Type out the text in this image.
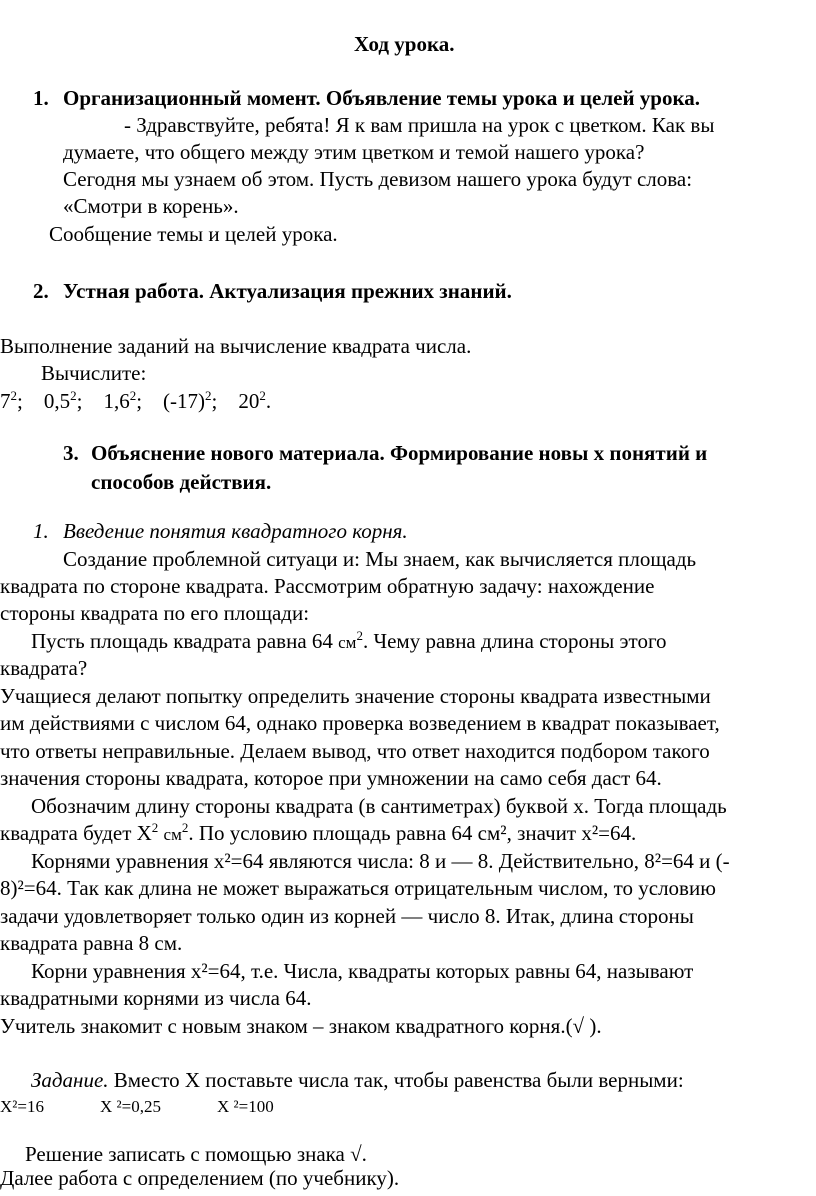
Ход урока.
1. Организационный момент. Объявление темы урока и целей урока.
- Здравствуйте, ребята! Я к вам пришла на урок с цветком. Как вы
думаете, что общего между этим цветком и темой нашего урока?
Сегодня мы узнаем об этом. Пусть девизом нашего урока будут слова:
«Смотри в корень».
Сообщение темы и целей урока.
2. Устная работа. Актуализация прежних знаний.
Выполнение заданий на вычисление квадрата числа.
Вычислите:
$7^2$; $0,5^2$; $1,6^2$; $(-17)^2$; $20^2$.
3. Объяснение нового материала. Формирование новы х понятий и
способов действия.
1. Введение понятия квадратного корня.
Создание проблемной ситуаци и: Мы знаем, как вычисляется площадь
квадрата по стороне квадрата. Рассмотрим обратную задачу: нахождение
стороны квадрата по его площади:
Пусть площадь квадрата равна 64 $см^2$. Чему равна длина стороны этого
квадрата?
Учащиеся делают попытку определить значение стороны квадрата известными
им действиями с числом 64, однако проверка возведением в квадрат показывает,
что ответы неправильные. Делаем вывод, что ответ находится подбором такого
значения стороны квадрата, которое при умножении на само себя даст 64.
Обозначим длину стороны квадрата (в сантиметрах) буквой х. Тогда площадь
квадрата будет $Х^2$ $см^2$. По условию площадь равна 64 см², значит х²=64.
Корнями уравнения х²=64 являются числа: 8 и — 8. Действительно, 8²=64 и (-
8)²=64. Так как длина не может выражаться отрицательным числом, то условию
задачи удовлетворяет только один из корней — число 8. Итак, длина стороны
квадрата равна 8 см.
Корни уравнения х²=64, т.е. Числа, квадраты которых равны 64, называют
квадратными корнями из числа 64.
Учитель знакомит с новым знаком – знаком квадратного корня.(√ ).
Задание. Вместо Х поставьте числа так, чтобы равенства были верными:
Х²=16	Х ²=0,25	Х ²=100
Решение записать с помощью знака √.
Далее работа с определением (по учебнику).
